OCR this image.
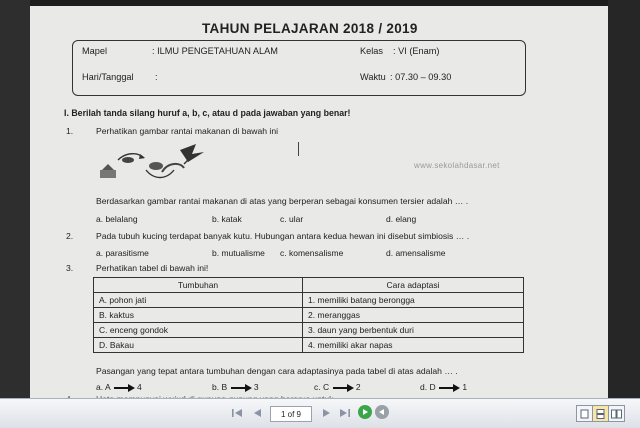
TAHUN PELAJARAN 2018 / 2019
Mapel	: ILMU PENGETAHUAN ALAM	Kelas : VI (Enam)
Hari/Tanggal :	Waktu : 07.30 – 09.30
I. Berilah tanda silang huruf a, b, c, atau d pada jawaban yang benar!
1.	Perhatikan gambar rantai makanan di bawah ini
www.sekolahdasar.net
Berdasarkan gambar rantai makanan di atas yang berperan sebagai konsumen tersier adalah … .
a. belalang	b. katak	c. ular	d. elang
2.	Pada tubuh kucing terdapat banyak kutu. Hubungan antara kedua hewan ini disebut simbiosis … .
a. parasitisme	b. mutualisme c. komensalisme	d. amensalisme
3.	Perhatikan tabel di bawah ini!
Tumbuhan	Cara adaptasi
A. pohon jati	1. memiliki batang berongga
B. kaktus	2. meranggas
C. enceng gondok	3. daun yang berbentuk duri
D. Bakau	4. memiliki akar napas
Pasangan yang tepat antara tumbuhan dengan cara adaptasinya pada tabel di atas adalah … .
a. A	4	b. B	3	c. C	2	d. D	1
1 of 9
